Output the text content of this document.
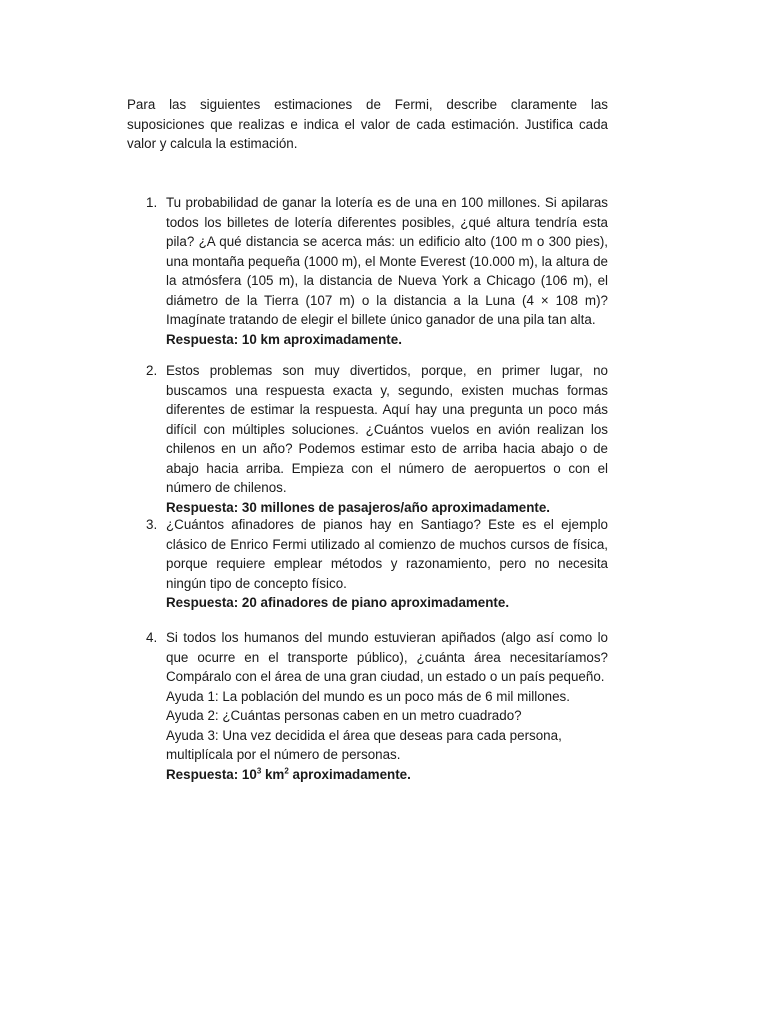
Para las siguientes estimaciones de Fermi, describe claramente las suposiciones que realizas e indica el valor de cada estimación. Justifica cada valor y calcula la estimación.

1. Tu probabilidad de ganar la lotería es de una en 100 millones. Si apilaras todos los billetes de lotería diferentes posibles, ¿qué altura tendría esta pila? ¿A qué distancia se acerca más: un edificio alto (100 m o 300 pies), una montaña pequeña (1000 m), el Monte Everest (10.000 m), la altura de la atmósfera (105 m), la distancia de Nueva York a Chicago (106 m), el diámetro de la Tierra (107 m) o la distancia a la Luna (4 × 108 m)? Imagínate tratando de elegir el billete único ganador de una pila tan alta.

Respuesta: 10 km aproximadamente.

2. Estos problemas son muy divertidos, porque, en primer lugar, no buscamos una respuesta exacta y, segundo, existen muchas formas diferentes de estimar la respuesta. Aquí hay una pregunta un poco más difícil con múltiples soluciones. ¿Cuántos vuelos en avión realizan los chilenos en un año? Podemos estimar esto de arriba hacia abajo o de abajo hacia arriba. Empieza con el número de aeropuertos o con el número de chilenos.

Respuesta: 30 millones de pasajeros/año aproximadamente.

3. ¿Cuántos afinadores de pianos hay en Santiago? Este es el ejemplo clásico de Enrico Fermi utilizado al comienzo de muchos cursos de física, porque requiere emplear métodos y razonamiento, pero no necesita ningún tipo de concepto físico.

Respuesta: 20 afinadores de piano aproximadamente.

4. Si todos los humanos del mundo estuvieran apiñados (algo así como lo que ocurre en el transporte público), ¿cuánta área necesitaríamos? Compáralo con el área de una gran ciudad, un estado o un país pequeño.

Ayuda 1: La población del mundo es un poco más de 6 mil millones.

Ayuda 2: ¿Cuántas personas caben en un metro cuadrado?

Ayuda 3: Una vez decidida el área que deseas para cada persona, multiplícala por el número de personas.

Respuesta: $10^3$ $km^2$ aproximadamente.
